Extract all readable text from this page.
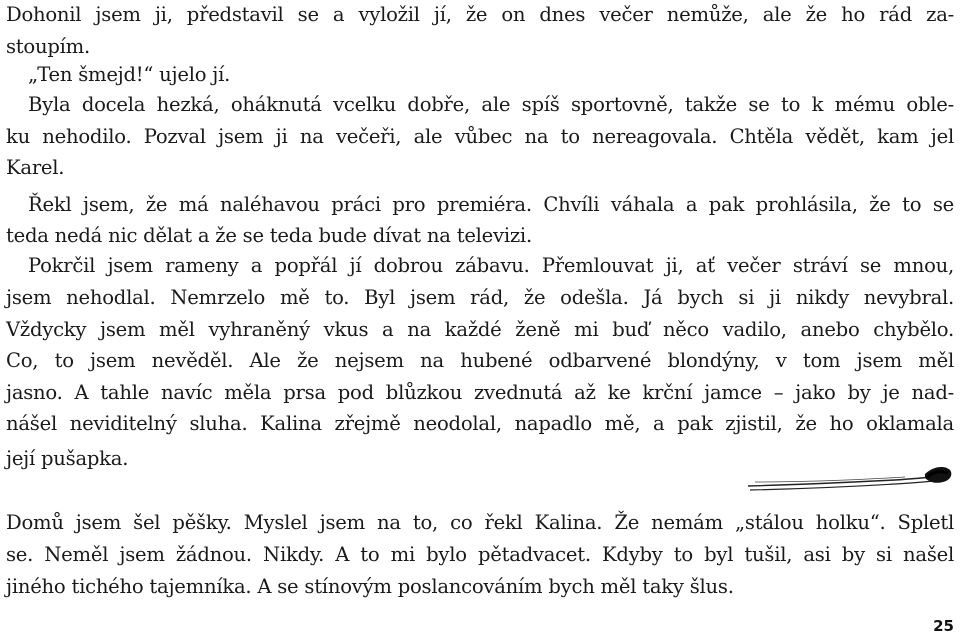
Dohonil jsem ji, představil se a vyložil jí, že on dnes večer nemůže, ale že ho rád za-
stoupím.
„Ten šmejd!“ ujelo jí.
Byla docela hezká, oháknutá vcelku dobře, ale spíš sportovně, takže se to k mému oble-
ku nehodilo. Pozval jsem ji na večeři, ale vůbec na to nereagovala. Chtěla vědět, kam jel
Karel.
Řekl jsem, že má naléhavou práci pro premiéra. Chvíli váhala a pak prohlásila, že to se
teda nedá nic dělat a že se teda bude dívat na televizi.
Pokrčil jsem rameny a popřál jí dobrou zábavu. Přemlouvat ji, ať večer stráví se mnou,
jsem nehodlal. Nemrzelo mě to. Byl jsem rád, že odešla. Já bych si ji nikdy nevybral.
Vždycky jsem měl vyhraněný vkus a na každé ženě mi buď něco vadilo, anebo chybělo.
Co, to jsem nevěděl. Ale že nejsem na hubené odbarvené blondýny, v tom jsem měl
jasno. A tahle navíc měla prsa pod blůzkou zvednutá až ke krční jamce – jako by je nad-
nášel neviditelný sluha. Kalina zřejmě neodolal, napadlo mě, a pak zjistil, že ho oklamala
její pušapka.
Domů jsem šel pěšky. Myslel jsem na to, co řekl Kalina. Že nemám „stálou holku“. Spletl
se. Neměl jsem žádnou. Nikdy. A to mi bylo pětadvacet. Kdyby to byl tušil, asi by si našel
jiného tichého tajemníka. A se stínovým poslancováním bych měl taky šlus.
25
